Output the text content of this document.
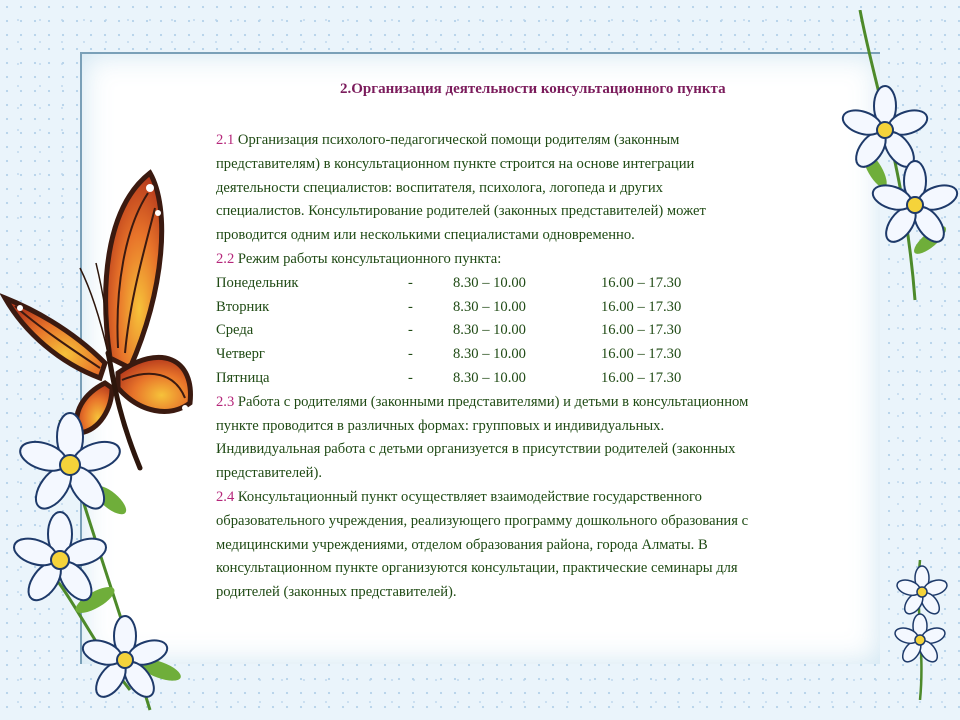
2.Организация деятельности консультационного пункта
2.1 Организация психолого-педагогической помощи родителям (законным
представителям) в консультационном пункте строится на основе интеграции
деятельности специалистов: воспитателя, психолога, логопеда и других
специалистов. Консультирование родителей (законных представителей) может
проводится одним или несколькими специалистами одновременно.
2.2 Режим работы консультационного пункта:
Понедельник	-	8.30 – 10.00	16.00 – 17.30
Вторник	-	8.30 – 10.00	16.00 – 17.30
Среда	-	8.30 – 10.00	16.00 – 17.30
Четверг	-	8.30 – 10.00	16.00 – 17.30
Пятница	-	8.30 – 10.00	16.00 – 17.30
2.3 Работа с родителями (законными представителями) и детьми в консультационном
пункте проводится в различных формах: групповых и индивидуальных.
Индивидуальная работа с детьми организуется в присутствии родителей (законных
представителей).
2.4 Консультационный пункт осуществляет взаимодействие государственного
образовательного учреждения, реализующего программу дошкольного образования с
медицинскими учреждениями, отделом образования района, города Алматы. В
консультационном пункте организуются консультации, практические семинары для
родителей (законных представителей).
